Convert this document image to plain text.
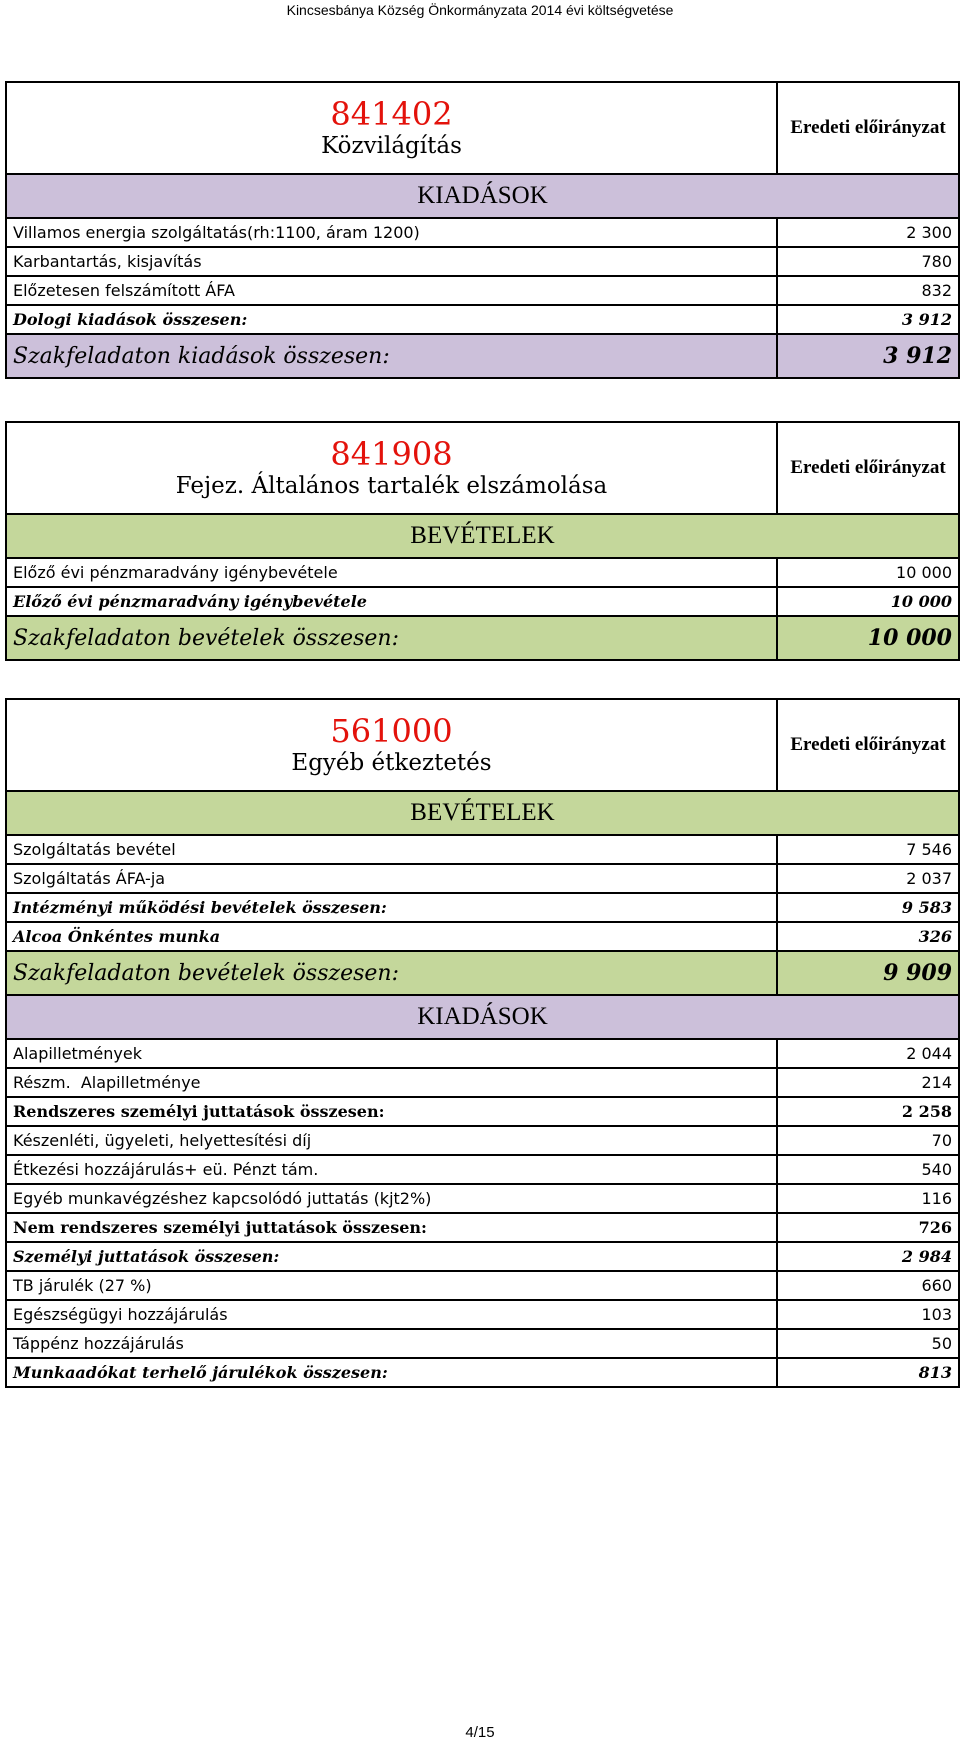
Kincsesbánya Község Önkormányzata 2014 évi költségvetése
841402
Közvilágítás	Eredeti előirányzat
KIADÁSOK	
Villamos energia szolgáltatás(rh:1100, áram 1200)	2 300
Karbantartás, kisjavítás	780
Előzetesen felszámított ÁFA	832
Dologi kiadások összesen:	3 912
Szakfeladaton kiadások összesen:	3 912
841908
Fejez. Általános tartalék elszámolása	Eredeti előirányzat
BEVÉTELEK	
Előző évi pénzmaradvány igénybevétele	10 000
Előző évi pénzmaradvány igénybevétele	10 000
Szakfeladaton bevételek összesen:	10 000
561000
Egyéb étkeztetés	Eredeti előirányzat
BEVÉTELEK	
Szolgáltatás bevétel	7 546
Szolgáltatás ÁFA-ja	2 037
Intézményi működési bevételek összesen:	9 583
Alcoa Önkéntes munka	326
Szakfeladaton bevételek összesen:	9 909
KIADÁSOK	
Alapilletmények	2 044
Részm.  Alapilletménye	214
Rendszeres személyi juttatások összesen:	2 258
Készenléti, ügyeleti, helyettesítési díj	70
Étkezési hozzájárulás+ eü. Pénzt tám.	540
Egyéb munkavégzéshez kapcsolódó juttatás (kjt2%)	116
Nem rendszeres személyi juttatások összesen:	726
Személyi juttatások összesen:	2 984
TB járulék (27 %)	660
Egészségügyi hozzájárulás	103
Táppénz hozzájárulás	50
Munkaadókat terhelő járulékok összesen:	813
4/15
